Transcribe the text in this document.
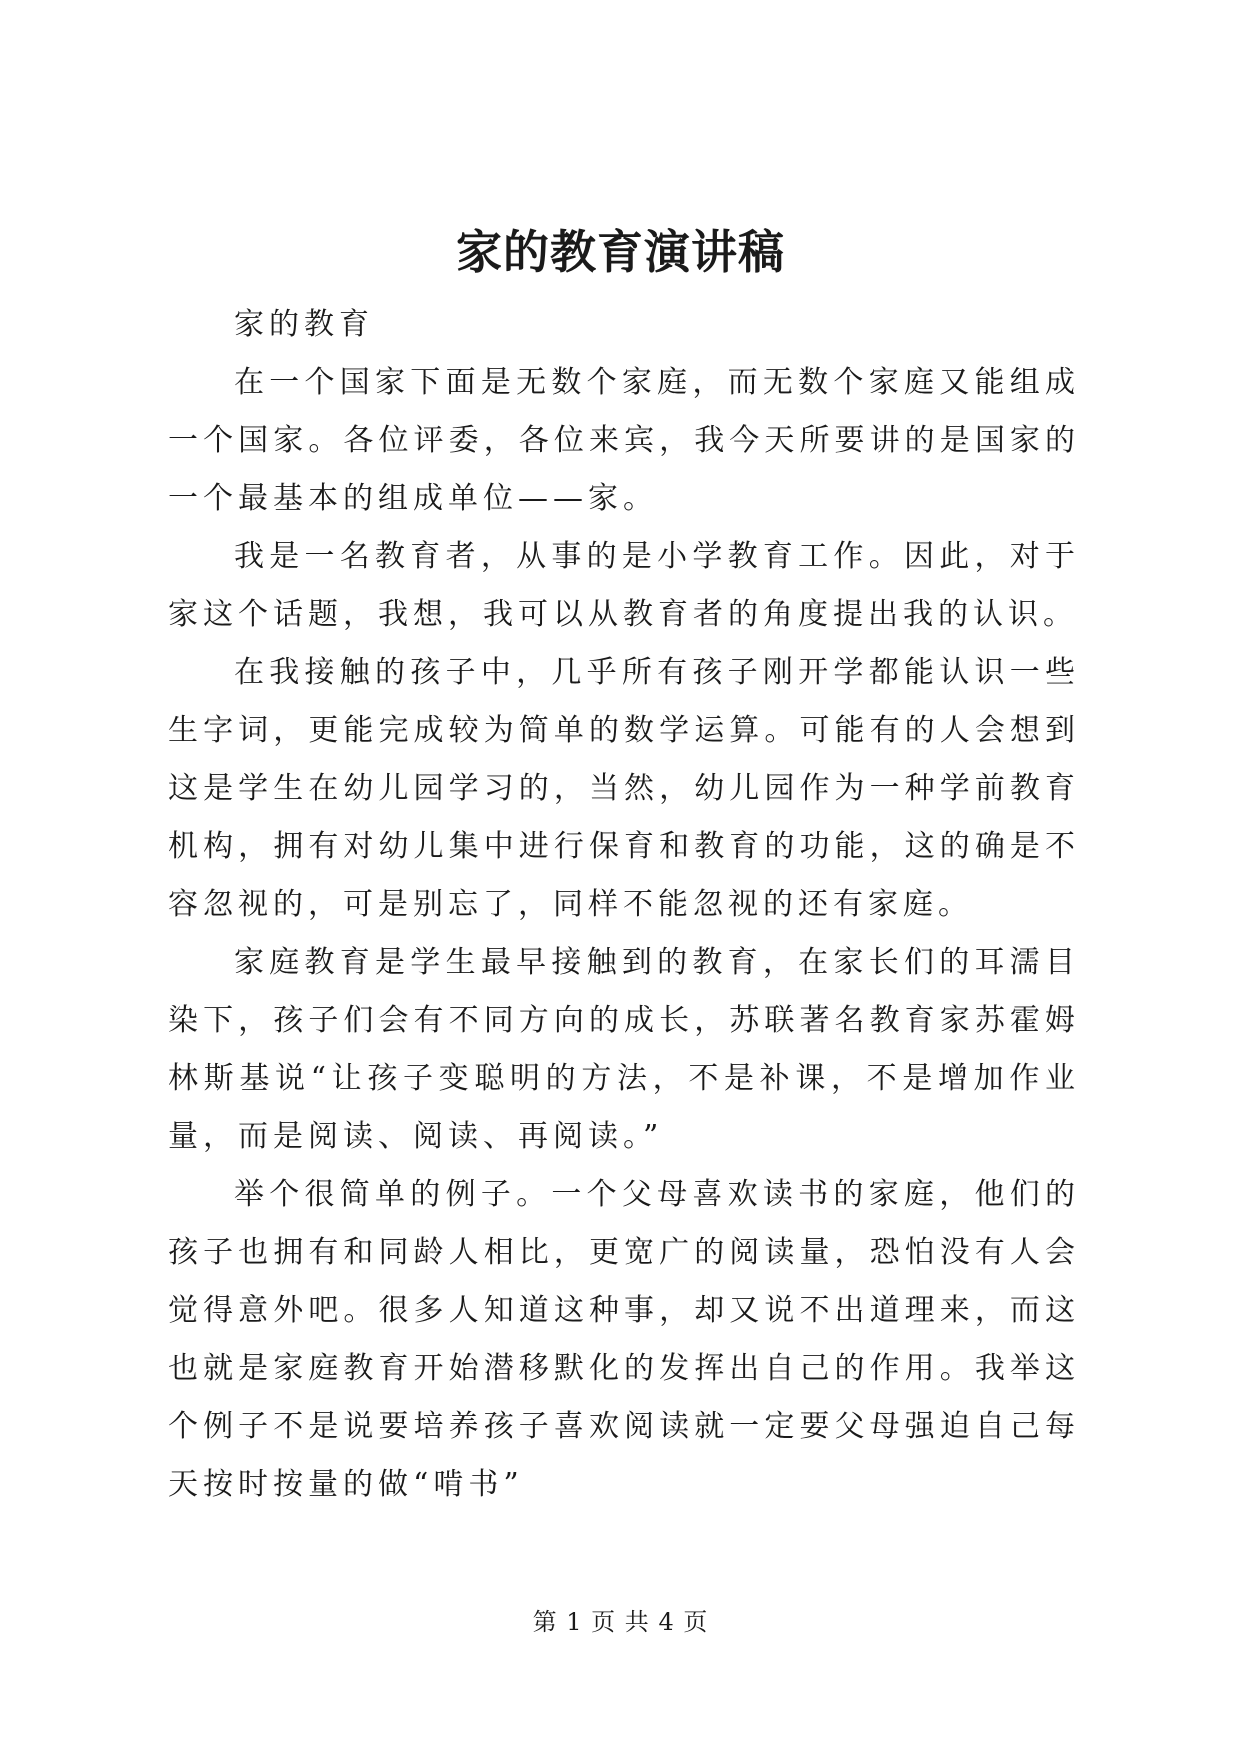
家的教育演讲稿

家的教育

在一个国家下面是无数个家庭，而无数个家庭又能组成一个国家。各位评委，各位来宾，我今天所要讲的是国家的一个最基本的组成单位——家。

我是一名教育者，从事的是小学教育工作。因此，对于家这个话题，我想，我可以从教育者的角度提出我的认识。

在我接触的孩子中，几乎所有孩子刚开学都能认识一些生字词，更能完成较为简单的数学运算。可能有的人会想到这是学生在幼儿园学习的，当然，幼儿园作为一种学前教育机构，拥有对幼儿集中进行保育和教育的功能，这的确是不容忽视的，可是别忘了，同样不能忽视的还有家庭。

家庭教育是学生最早接触到的教育，在家长们的耳濡目染下，孩子们会有不同方向的成长，苏联著名教育家苏霍姆林斯基说“让孩子变聪明的方法，不是补课，不是增加作业量，而是阅读、阅读、再阅读。”

举个很简单的例子。一个父母喜欢读书的家庭，他们的孩子也拥有和同龄人相比，更宽广的阅读量，恐怕没有人会觉得意外吧。很多人知道这种事，却又说不出道理来，而这也就是家庭教育开始潜移默化的发挥出自己的作用。我举这个例子不是说要培养孩子喜欢阅读就一定要父母强迫自己每天按时按量的做“啃书”

第 1 页 共 4 页
